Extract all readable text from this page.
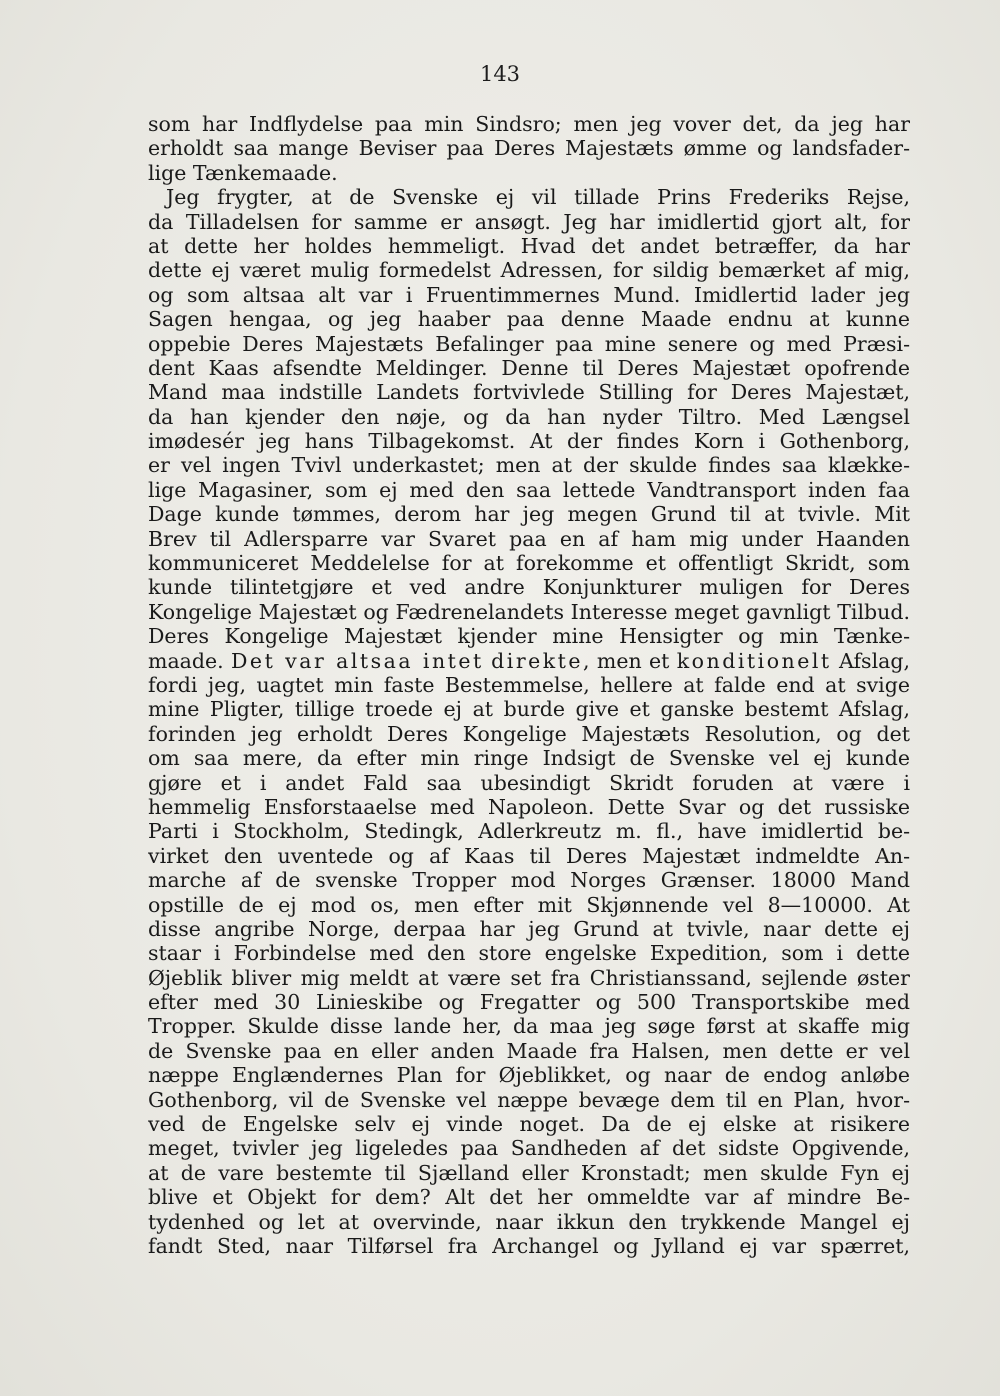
143

som har Indflydelse paa min Sindsro; men jeg vover det, da jeg har
erholdt saa mange Beviser paa Deres Majestæts ømme og landsfader-
lige Tænkemaade.
Jeg frygter, at de Svenske ej vil tillade Prins Frederiks Rejse,
da Tilladelsen for samme er ansøgt. Jeg har imidlertid gjort alt, for
at dette her holdes hemmeligt. Hvad det andet betræffer, da har
dette ej været mulig formedelst Adressen, for sildig bemærket af mig,
og som altsaa alt var i Fruentimmernes Mund. Imidlertid lader jeg
Sagen hengaa, og jeg haaber paa denne Maade endnu at kunne
oppebie Deres Majestæts Befalinger paa mine senere og med Præsi-
dent Kaas afsendte Meldinger. Denne til Deres Majestæt opofrende
Mand maa indstille Landets fortvivlede Stilling for Deres Majestæt,
da han kjender den nøje, og da han nyder Tiltro. Med Længsel
imødesér jeg hans Tilbagekomst. At der findes Korn i Gothenborg,
er vel ingen Tvivl underkastet; men at der skulde findes saa klække-
lige Magasiner, som ej med den saa lettede Vandtransport inden faa
Dage kunde tømmes, derom har jeg megen Grund til at tvivle. Mit
Brev til Adlersparre var Svaret paa en af ham mig under Haanden
kommuniceret Meddelelse for at forekomme et offentligt Skridt, som
kunde tilintetgjøre et ved andre Konjunkturer muligen for Deres
Kongelige Majestæt og Fædrenelandets Interesse meget gavnligt Tilbud.
Deres Kongelige Majestæt kjender mine Hensigter og min Tænke-
maade. Det var altsaa intet direkte, men et konditionelt Afslag,
fordi jeg, uagtet min faste Bestemmelse, hellere at falde end at svige
mine Pligter, tillige troede ej at burde give et ganske bestemt Afslag,
forinden jeg erholdt Deres Kongelige Majestæts Resolution, og det
om saa mere, da efter min ringe Indsigt de Svenske vel ej kunde
gjøre et i andet Fald saa ubesindigt Skridt foruden at være i
hemmelig Ensforstaaelse med Napoleon. Dette Svar og det russiske
Parti i Stockholm, Stedingk, Adlerkreutz m. fl., have imidlertid be-
virket den uventede og af Kaas til Deres Majestæt indmeldte An-
marche af de svenske Tropper mod Norges Grænser. 18000 Mand
opstille de ej mod os, men efter mit Skjønnende vel 8—10000. At
disse angribe Norge, derpaa har jeg Grund at tvivle, naar dette ej
staar i Forbindelse med den store engelske Expedition, som i dette
Øjeblik bliver mig meldt at være set fra Christianssand, sejlende øster
efter med 30 Linieskibe og Fregatter og 500 Transportskibe med
Tropper. Skulde disse lande her, da maa jeg søge først at skaffe mig
de Svenske paa en eller anden Maade fra Halsen, men dette er vel
næppe Englændernes Plan for Øjeblikket, og naar de endog anløbe
Gothenborg, vil de Svenske vel næppe bevæge dem til en Plan, hvor-
ved de Engelske selv ej vinde noget. Da de ej elske at risikere
meget, tvivler jeg ligeledes paa Sandheden af det sidste Opgivende,
at de vare bestemte til Sjælland eller Kronstadt; men skulde Fyn ej
blive et Objekt for dem? Alt det her ommeldte var af mindre Be-
tydenhed og let at overvinde, naar ikkun den trykkende Mangel ej
fandt Sted, naar Tilførsel fra Archangel og Jylland ej var spærret,
